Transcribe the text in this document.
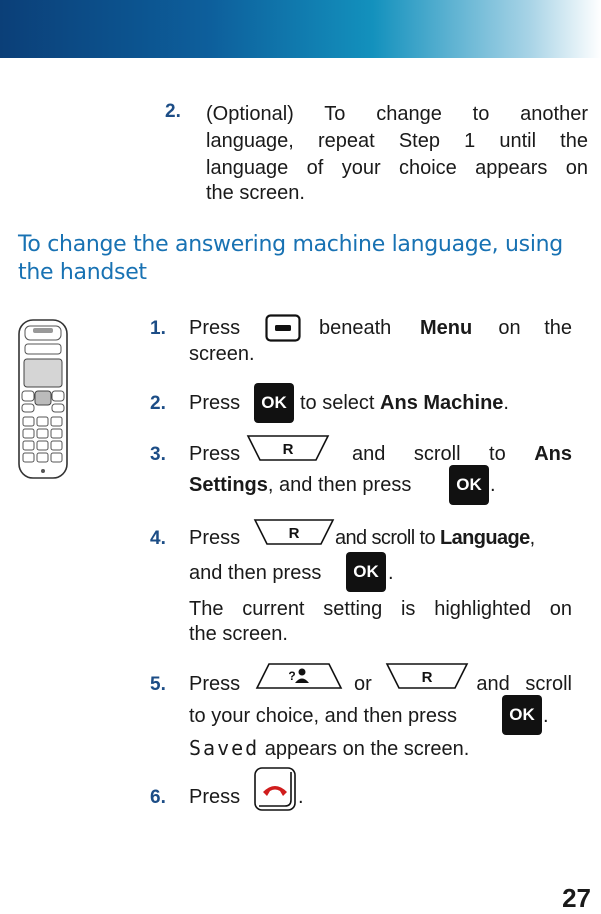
2. (Optional) To change to another
language, repeat Step 1 until the
language of your choice appears on
the screen.
To change the answering machine language, using the handset
1. Press	beneath Menu on the
screen.
2. Press	OK to select Ans Machine.
3. Press	R	and scroll to Ans
Settings, and then press	OK .
4. Press	R and scroll to Language,
and then press	OK .
The current setting is highlighted on
the screen.
5. Press	?	or	R	and scroll
to your choice, and then press	OK .
Saved appears on the screen.
6. Press	.
27
